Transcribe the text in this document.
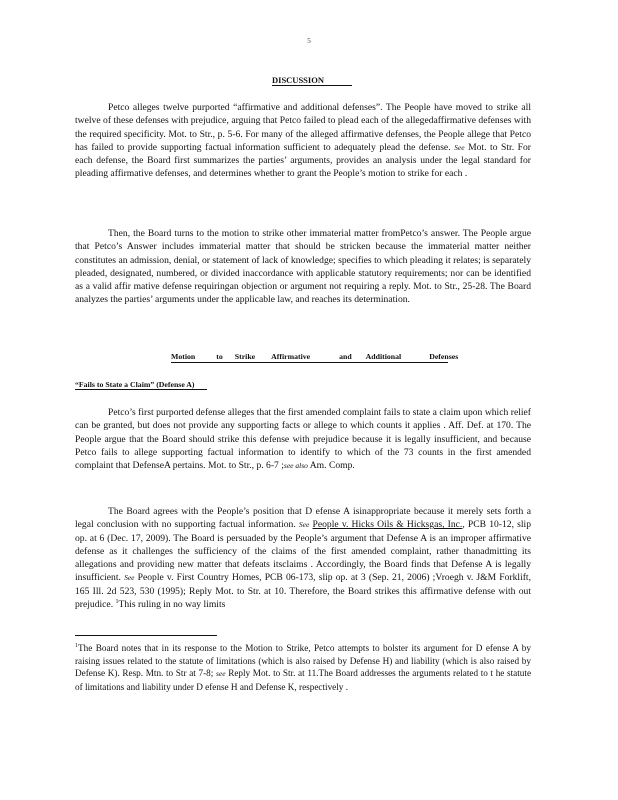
5
DISCUSSION

Petco alleges twelve purported “affirmative and additional defenses”. The People have moved to strike all twelve of these defenses with prejudice, arguing that Petco failed to plead each of the allegedaffirmative defenses with the required specificity. Mot. to Str., p. 5-6. For many of the alleged affirmative defenses, the People allege that Petco has failed to provide supporting factual information sufficient to adequately plead the defense. See Mot. to Str. For each defense, the Board first summarizes the parties’ arguments, provides an analysis under the legal standard for pleading affirmative defenses, and determines whether to grant the People’s motion to strike for each .

Then, the Board turns to the motion to strike other immaterial matter fromPetco’s answer. The People argue that Petco’s Answer includes immaterial matter that should be stricken because the immaterial matter neither constitutes an admission, denial, or statement of lack of knowledge; specifies to which pleading it relates; is separately pleaded, designated, numbered, or divided inaccordance with applicable statutory requirements; nor can be identified as a valid affir mative defense requiringan objection or argument not requiring a reply. Mot. to Str., 25-28. The Board analyzes the parties’ arguments under the applicable law, and reaches its determination.

Motion	to Strike Affirmative	and Additional	Defenses
“Fails to State a Claim” (Defense A)

Petco’s first purported defense alleges that the first amended complaint fails to state a claim upon which relief can be granted, but does not provide any supporting facts or allege to which counts it applies . Aff. Def. at 170. The People argue that the Board should strike this defense with prejudice because it is legally insufficient, and because Petco fails to allege supporting factual information to identify to which of the 73 counts in the first amended complaint that DefenseA pertains. Mot. to Str., p. 6-7 ;see also Am. Comp.

The Board agrees with the People’s position that D efense A isinappropriate because it merely sets forth a legal conclusion with no supporting factual information. See People v. Hicks Oils & Hicksgas, Inc., PCB 10-12, slip op. at 6 (Dec. 17, 2009). The Board is persuaded by the People’s argument that Defense A is an improper affirmative defense as it challenges the sufficiency of the claims of the first amended complaint, rather thanadmitting its allegations and providing new matter that defeats itsclaims . Accordingly, the Board finds that Defense A is legally insufficient. See People v. First Country Homes, PCB 06-173, slip op. at 3 (Sep. 21, 2006) ;Vroegh v. J&M Forklift, 165 Ill. 2d 523, 530 (1995); Reply Mot. to Str. at 10. Therefore, the Board strikes this affirmative defense with out prejudice. $^1$This ruling in no way limits

$^1$The Board notes that in its response to the Motion to Strike, Petco attempts to bolster its argument for D efense A by raising issues related to the statute of limitations (which is also raised by Defense H) and liability (which is also raised by Defense K). Resp. Mtn. to Str at 7-8; see Reply Mot. to Str. at 11.The Board addresses the arguments related to t he statute of limitations and liability under D efense H and Defense K, respectively .
